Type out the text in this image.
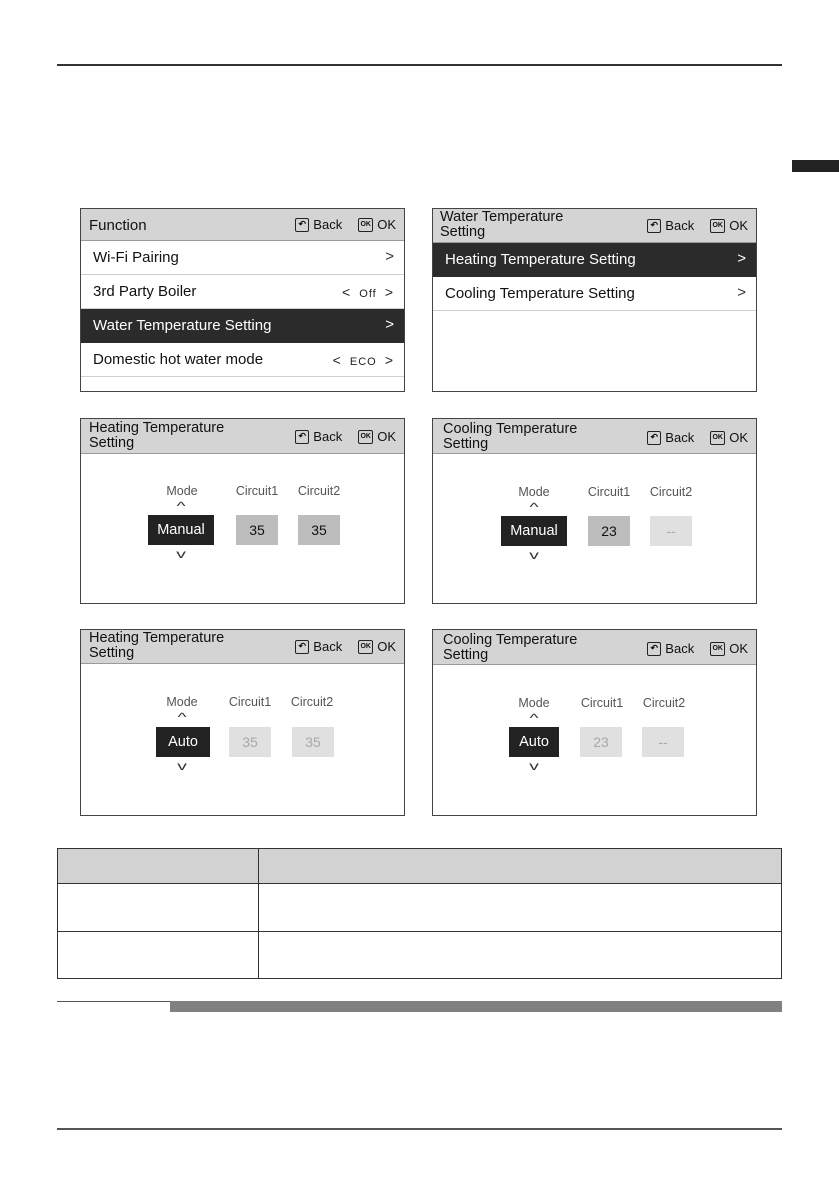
Function	↶ Back	OK OK
Wi-Fi Pairing	>
3rd Party Boiler	< Off >
Water Temperature Setting	>
Domestic hot water mode	< ECO >
Water Temperature
Setting	↶ Back	OK OK
Heating Temperature Setting	>
Cooling Temperature Setting	>
Heating Temperature
Setting	↶ Back	OK OK
Mode	Circuit1	Circuit2
^
Manual	35	35
v
Cooling Temperature
Setting	↶ Back	OK OK
Mode	Circuit1	Circuit2
^
Manual	23	--
v
Heating Temperature
Setting	↶ Back	OK OK
Mode	Circuit1	Circuit2
^
Auto	35	35
v
Cooling Temperature
Setting	↶ Back	OK OK
Mode	Circuit1	Circuit2
^
Auto	23	--
v
